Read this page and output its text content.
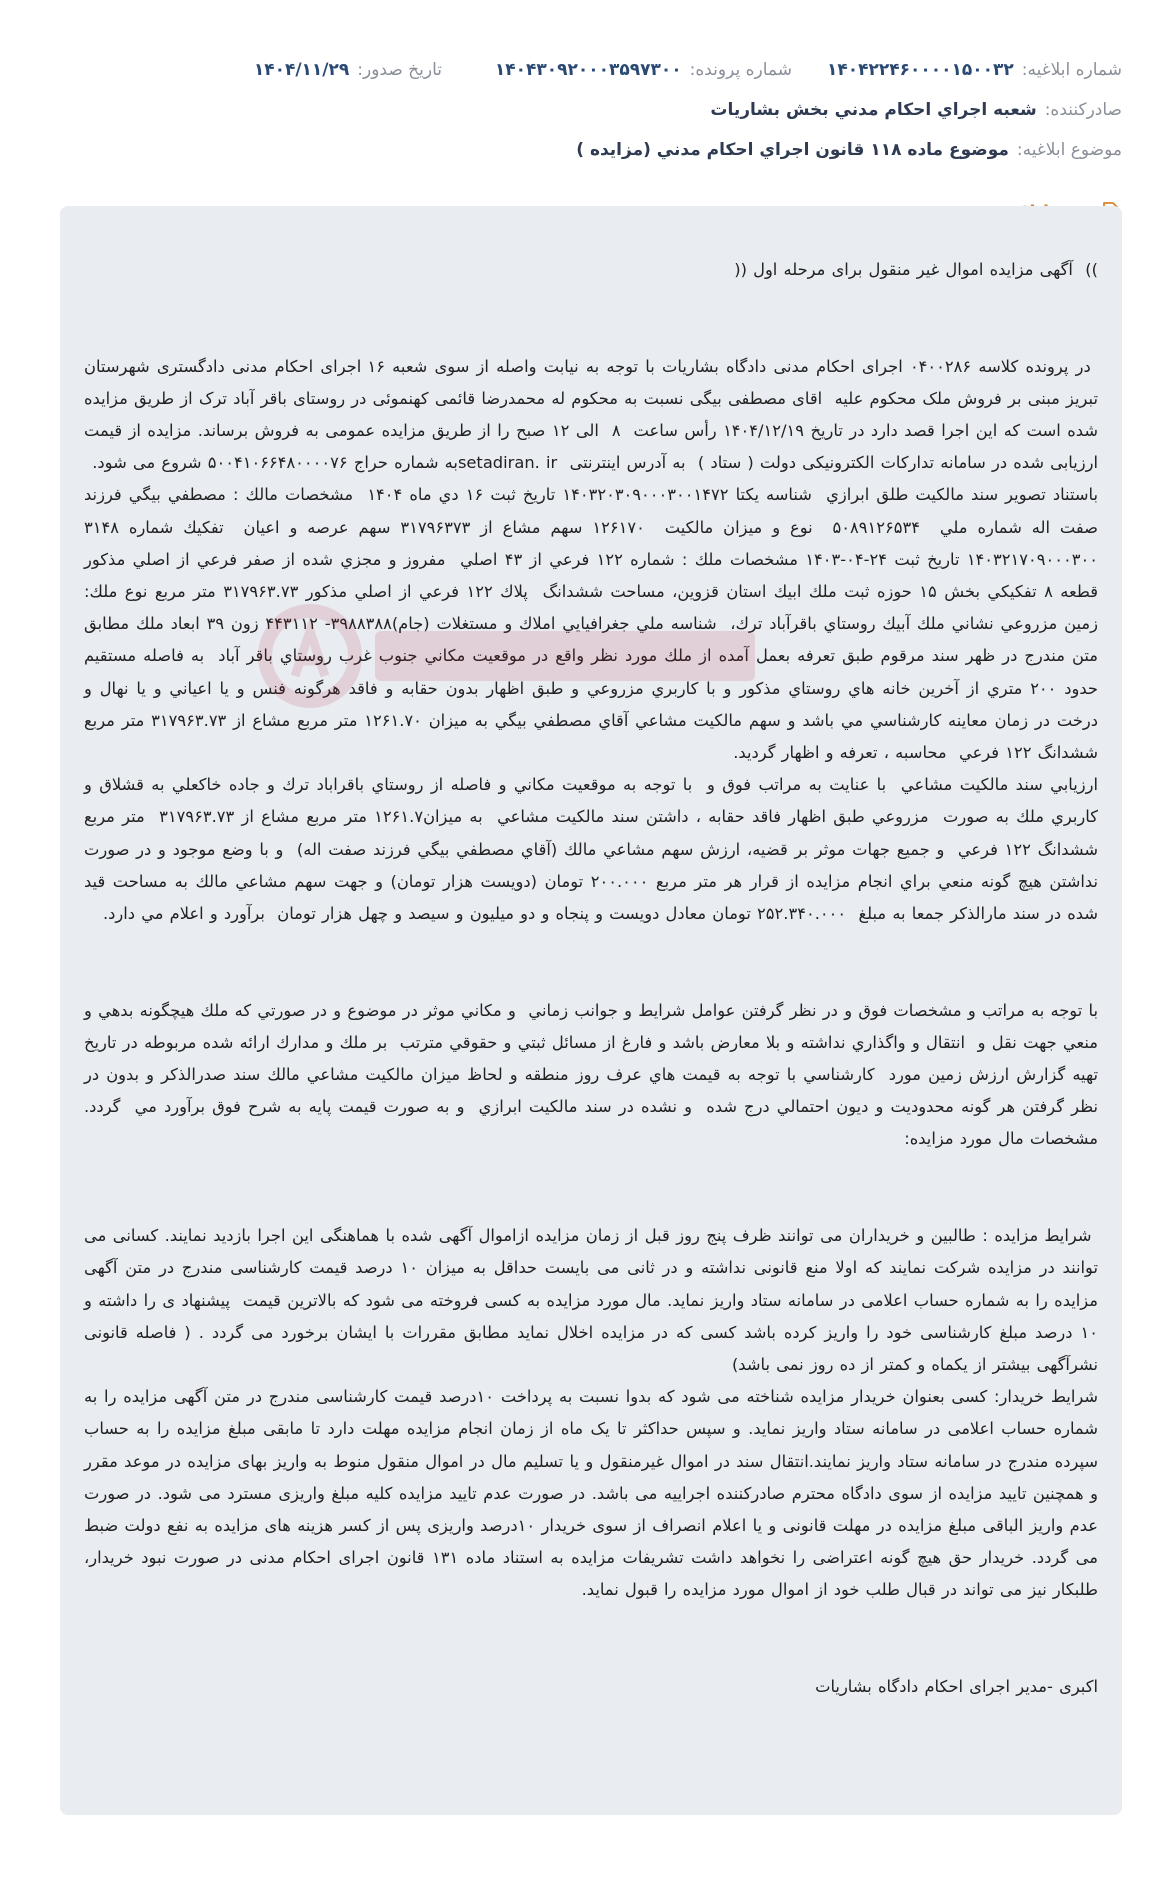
شماره ابلاغيه:
۱۴۰۴۲۲۴۶۰۰۰۰۱۵۰۰۳۲
شماره پرونده:
۱۴۰۴۳۰۹۲۰۰۰۳۵۹۷۳۰۰
تاريخ صدور:
۱۴۰۴/۱۱/۲۹
صادرکننده:
شعبه اجراي احکام مدني بخش بشاريات
موضوع ابلاغيه:
موضوع ماده ۱۱۸ قانون اجراي احکام مدني (مزايده )

))  آگهی مزایده اموال غیر منقول برای مرحله اول ((

در پرونده کلاسه ۰۴۰۰۲۸۶ اجرای احکام مدنی دادگاه بشاریات با توجه به نیابت واصله از سوی شعبه ۱۶ اجرای احکام مدنی دادگستری شهرستان تبریز مبنی بر فروش ملک محکوم علیه  اقای مصطفی بیگی نسبت به محکوم له محمدرضا قائمی کهنموئی در روستای باقر آباد ترک از طریق مزایده شده است که این اجرا قصد دارد در تاریخ ۱۴۰۴/۱۲/۱۹ رأس ساعت  ۸  الی ۱۲ صبح را از طریق مزایده عمومی به فروش برساند. مزایده از قیمت ارزیابی شده در سامانه تدارکات الکترونیکی دولت ( ستاد )  به آدرس اینترنتی  setadiran. irبه شماره حراج ۵۰۰۴۱۰۶۶۴۸۰۰۰۰۷۶ شروع می شود.
باستناد تصوير سند مالكيت طلق ابرازي  شناسه يكتا ۱۴۰۳۲۰۳۰۹۰۰۰۳۰۰۱۴۷۲ تاريخ ثبت ۱۶ دي ماه ۱۴۰۴  مشخصات مالك : مصطفي بيگي فرزند صفت اله شماره ملي  ۵۰۸۹۱۲۶۵۳۴  نوع و ميزان مالكيت  ۱۲۶۱۷۰ سهم مشاع از ۳۱۷۹۶۳۷۳ سهم عرصه و اعيان  تفكيك شماره ۳۱۴۸ ۱۴۰۳۲۱۷۰۹۰۰۰۳۰۰ تاريخ ثبت ۲۴-۰۴-۱۴۰۳ مشخصات ملك : شماره ۱۲۲ فرعي از ۴۳ اصلي  مفروز و مجزي شده از صفر فرعي از اصلي مذكور قطعه ۸ تفكيكي بخش ۱۵ حوزه ثبت ملك ابيك استان قزوين، مساحت ششدانگ  پلاك ۱۲۲ فرعي از اصلي مذكور ۳۱۷۹۶۳.۷۳ متر مربع نوع ملك: زمين مزروعي نشاني ملك آبيك روستاي باقرآباد ترك،  شناسه ملي جغرافيايي املاك و مستغلات (جام)۳۹۸۸۳۸۸- ۴۴۳۱۱۲ زون ۳۹ ابعاد ملك مطابق متن مندرج در ظهر سند مرقوم طبق تعرفه بعمل آمده از ملك مورد نظر واقع در موقعيت مكاني جنوب غرب روستاي باقر آباد  به فاصله مستقيم حدود ۲۰۰ متري از آخرين خانه هاي روستاي مذكور و با كاربري مزروعي و طبق اظهار بدون حقابه و فاقد هرگونه فنس و يا اعياني و يا نهال و درخت در زمان معاينه كارشناسي مي باشد و سهم مالكيت مشاعي آقاي مصطفي بيگي به ميزان ۱۲۶۱.۷۰ متر مربع مشاع از ۳۱۷۹۶۳.۷۳ متر مربع ششدانگ ۱۲۲ فرعي  محاسبه ، تعرفه و اظهار گرديد.
ارزيابي سند مالكيت مشاعي  با عنايت به مراتب فوق و  با توجه به موقعيت مكاني و فاصله از روستاي باقراباد ترك و جاده خاكعلي به قشلاق و كاربري ملك به صورت  مزروعي طبق اظهار فاقد حقابه ، داشتن سند مالكيت مشاعي  به ميزان۱۲۶۱.۷ متر مربع مشاع از ۳۱۷۹۶۳.۷۳  متر مربع ششدانگ ۱۲۲ فرعي  و جميع جهات موثر بر قضيه، ارزش سهم مشاعي مالك (آقاي مصطفي بيگي فرزند صفت اله)  و با وضع موجود و در صورت نداشتن هيچ گونه منعي براي انجام مزايده از قرار هر متر مربع ۲۰۰.۰۰۰ تومان (دويست هزار تومان) و جهت سهم مشاعي مالك به مساحت قيد شده در سند مارالذكر جمعا به مبلغ  ۲۵۲.۳۴۰.۰۰۰ تومان معادل دويست و پنجاه و دو ميليون و سيصد و چهل هزار تومان  برآورد و اعلام مي دارد.

با توجه به مراتب و مشخصات فوق و در نظر گرفتن عوامل شرايط و جوانب زماني  و مكاني موثر در موضوع و در صورتي كه ملك هيچگونه بدهي و منعي جهت نقل و  انتقال و واگذاري نداشته و بلا معارض باشد و فارغ از مسائل ثبتي و حقوقي مترتب  بر ملك و مدارك ارائه شده مربوطه در تاريخ تهيه گزارش ارزش زمين مورد  كارشناسي با توجه به قيمت هاي عرف روز منطقه و لحاظ ميزان مالكيت مشاعي مالك سند صدرالذكر و بدون در نظر گرفتن هر گونه محدوديت و ديون احتمالي درج شده  و نشده در سند مالكيت ابرازي  و به صورت قيمت پايه به شرح فوق برآورد مي  گردد. مشخصات مال مورد مزایده:

شرایط مزایده : طالبین و خریداران می توانند ظرف پنج روز قبل از زمان مزایده ازاموال آگهی شده با هماهنگی این اجرا بازدید نمایند. کسانی می توانند در مزایده شرکت نمایند که اولا منع قانونی نداشته و در ثانی می بایست حداقل به میزان ۱۰ درصد قیمت کارشناسی مندرج در متن آگهی مزایده را به شماره حساب اعلامی در سامانه ستاد واریز نماید. مال مورد مزایده به کسی فروخته می شود که بالاترین قیمت  پیشنهاد ی را داشته و ۱۰ درصد مبلغ کارشناسی خود را واریز کرده باشد کسی که در مزایده اخلال نماید مطابق مقررات با ایشان برخورد می گردد . ( فاصله قانونی نشرآگهی بیشتر از یکماه و کمتر از ده روز نمی باشد)
شرایط خریدار: کسی بعنوان خریدار مزایده شناخته می شود که بدوا نسبت به پرداخت ۱۰درصد قیمت کارشناسی مندرج در متن آگهی مزایده را به شماره حساب اعلامی در سامانه ستاد واریز نماید. و سپس حداکثر تا یک ماه از زمان انجام مزایده مهلت دارد تا مابقی مبلغ مزایده را به حساب سپرده مندرج در سامانه ستاد واریز نمایند.انتقال سند در اموال غیرمنقول و یا تسلیم مال در اموال منقول منوط به واریز بهای مزایده در موعد مقرر و همچنین تایید مزایده از سوی دادگاه محترم صادرکننده اجراییه می باشد. در صورت عدم تایید مزایده کلیه مبلغ واریزی مسترد می شود. در صورت عدم واریز الباقی مبلغ مزایده در مهلت قانونی و یا اعلام انصراف از سوی خریدار ۱۰درصد واریزی پس از کسر هزینه های مزایده به نفع دولت ضبط می گردد. خریدار حق هیچ گونه اعتراضی را نخواهد داشت تشریفات مزایده به استناد ماده ۱۳۱ قانون اجرای احکام مدنی در صورت نبود خریدار، طلبکار نیز می تواند در قبال طلب خود از اموال مورد مزایده را قبول نماید.

اکبری -مدیر اجرای احکام دادگاه بشاریات
